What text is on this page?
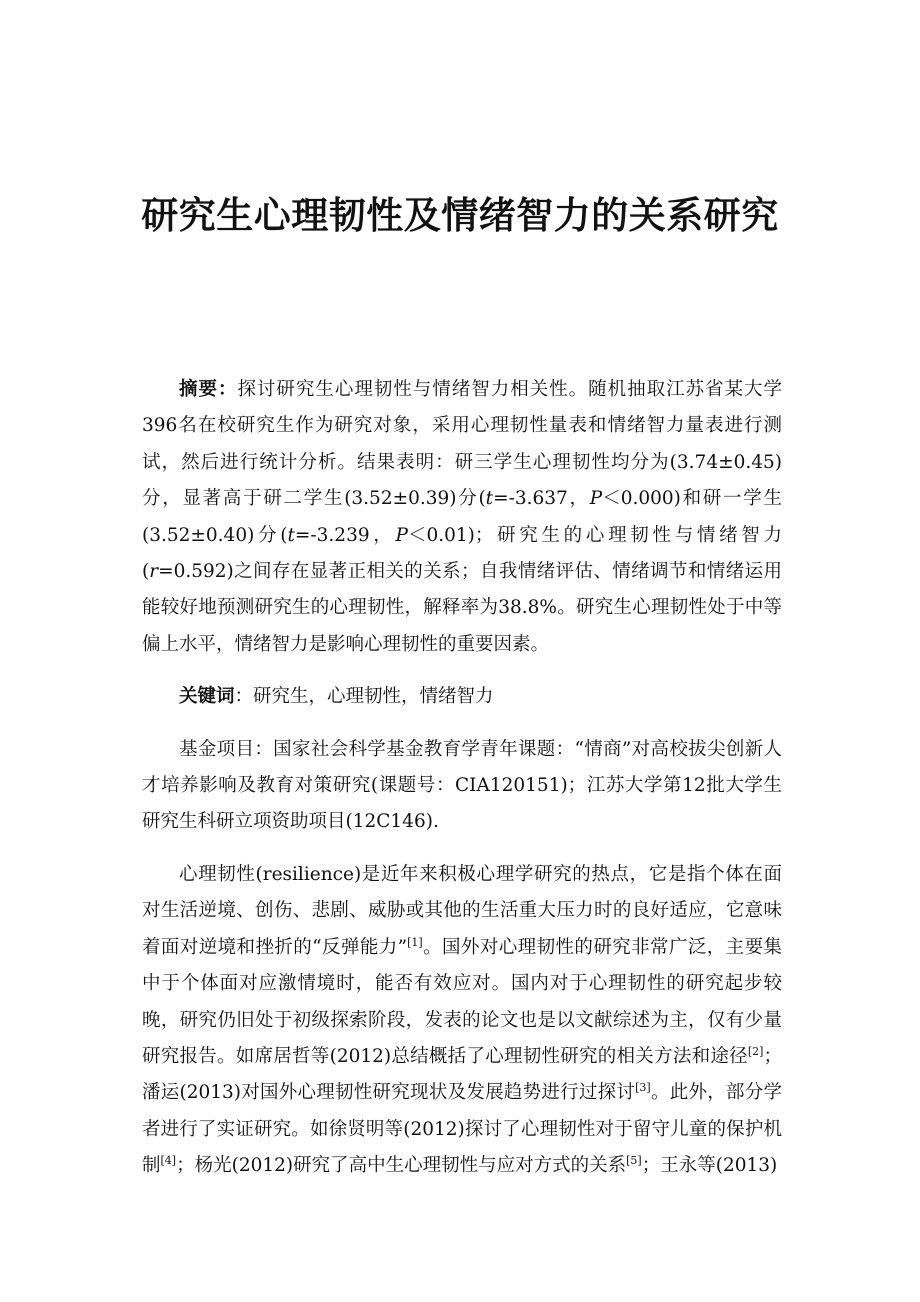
研究生心理韧性及情绪智力的关系研究

摘要：探讨研究生心理韧性与情绪智力相关性。随机抽取江苏省某大学396名在校研究生作为研究对象，采用心理韧性量表和情绪智力量表进行测试，然后进行统计分析。结果表明：研三学生心理韧性均分为(3.74±0.45)分，显著高于研二学生(3.52±0.39)分(t=-3.637，P＜0.000)和研一学生(3.52±0.40)分(t=-3.239，P＜0.01)；研究生的心理韧性与情绪智力(r=0.592)之间存在显著正相关的关系；自我情绪评估、情绪调节和情绪运用能较好地预测研究生的心理韧性，解释率为38.8%。研究生心理韧性处于中等偏上水平，情绪智力是影响心理韧性的重要因素。

关键词：研究生，心理韧性，情绪智力

基金项目：国家社会科学基金教育学青年课题：“情商”对高校拔尖创新人才培养影响及教育对策研究(课题号：CIA120151)；江苏大学第12批大学生研究生科研立项资助项目(12C146).

心理韧性(resilience)是近年来积极心理学研究的热点，它是指个体在面对生活逆境、创伤、悲剧、威胁或其他的生活重大压力时的良好适应，它意味着面对逆境和挫折的“反弹能力”[1]。国外对心理韧性的研究非常广泛，主要集中于个体面对应激情境时，能否有效应对。国内对于心理韧性的研究起步较晚，研究仍旧处于初级探索阶段，发表的论文也是以文献综述为主，仅有少量研究报告。如席居哲等(2012)总结概括了心理韧性研究的相关方法和途径[2]；潘运(2013)对国外心理韧性研究现状及发展趋势进行过探讨[3]。此外，部分学者进行了实证研究。如徐贤明等(2012)探讨了心理韧性对于留守儿童的保护机制[4]；杨光(2012)研究了高中生心理韧性与应对方式的关系[5]；王永等(2013)
